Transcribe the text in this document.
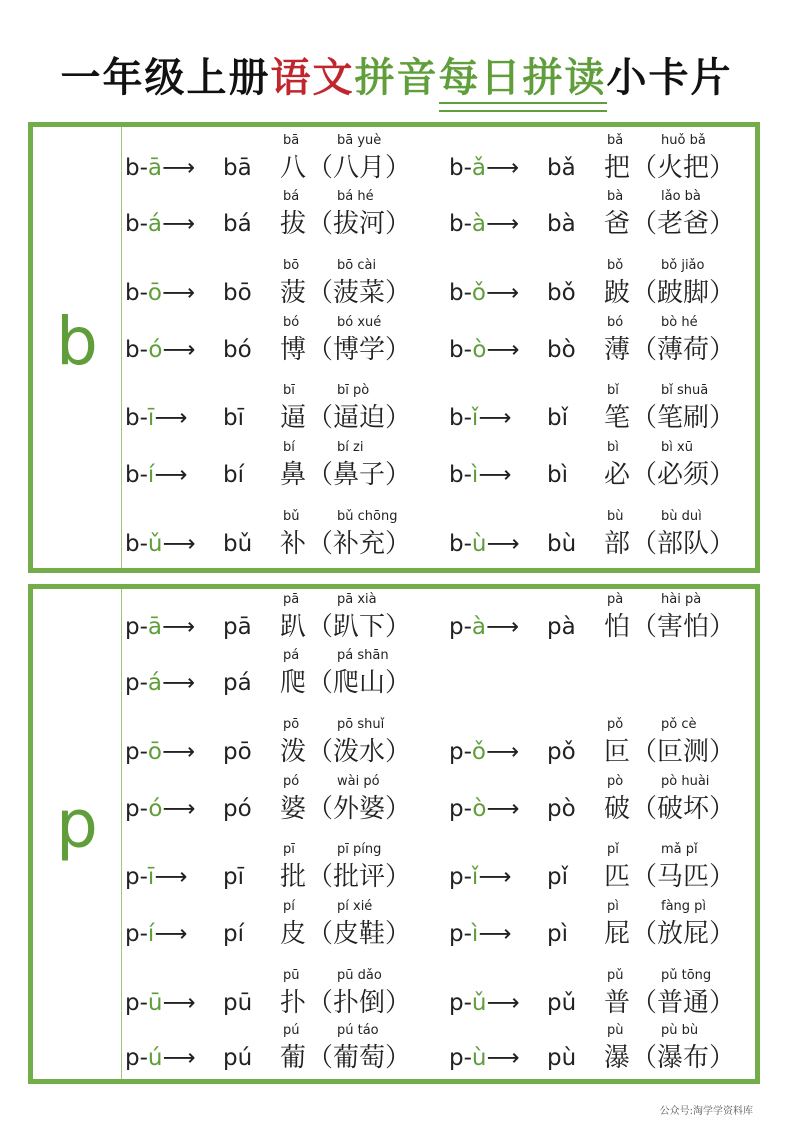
一年级上册语文拼音每日拼读小卡片
b
b-ā⟶ bā
bā
八
bā yuè
（八月） b-ǎ⟶ bǎ
bǎ
把
huǒ bǎ
（火把）
b-á⟶ bá
bá
拔
bá hé
（拔河） b-à⟶ bà
bà
爸
lǎo bà
（老爸）
b-ō⟶ bō
bō
菠
bō cài
（菠菜） b-ǒ⟶ bǒ
bǒ
跛
bǒ jiǎo
（跛脚）
b-ó⟶ bó
bó
博
bó xué
（博学） b-ò⟶ bò
bó
薄
bò hé
（薄荷）
b-ī⟶ bī
bī
逼
bī pò
（逼迫） b-ǐ⟶ bǐ
bǐ
笔
bǐ shuā
（笔刷）
b-í⟶ bí
bí
鼻
bí zi
（鼻子） b-ì⟶ bì
bì
必
bì xū
（必须）
b-ǔ⟶ bǔ
bǔ
补
bǔ chōng
（补充） b-ù⟶ bù
bù
部
bù duì
（部队）
p
p-ā⟶ pā
pā
趴
pā xià
（趴下） p-à⟶ pà
pà
怕
hài pà
（害怕）
p-á⟶ pá
pá
爬
pá shān
（爬山）
p-ō⟶ pō
pō
泼
pō shuǐ
（泼水） p-ǒ⟶ pǒ
pǒ
叵
pǒ cè
（叵测）
p-ó⟶ pó
pó
婆
wài pó
（外婆） p-ò⟶ pò
pò
破
pò huài
（破坏）
p-ī⟶ pī
pī
批
pī píng
（批评） p-ǐ⟶ pǐ
pǐ
匹
mǎ pǐ
（马匹）
p-í⟶ pí
pí
皮
pí xié
（皮鞋） p-ì⟶ pì
pì
屁
fàng pì
（放屁）
p-ū⟶ pū
pū
扑
pū dǎo
（扑倒） p-ǔ⟶ pǔ
pǔ
普
pǔ tōng
（普通）
p-ú⟶ pú
pú
葡
pú táo
（葡萄） p-ù⟶ pù
pù
瀑
pù bù
（瀑布）
公众号:淘学学资料库
